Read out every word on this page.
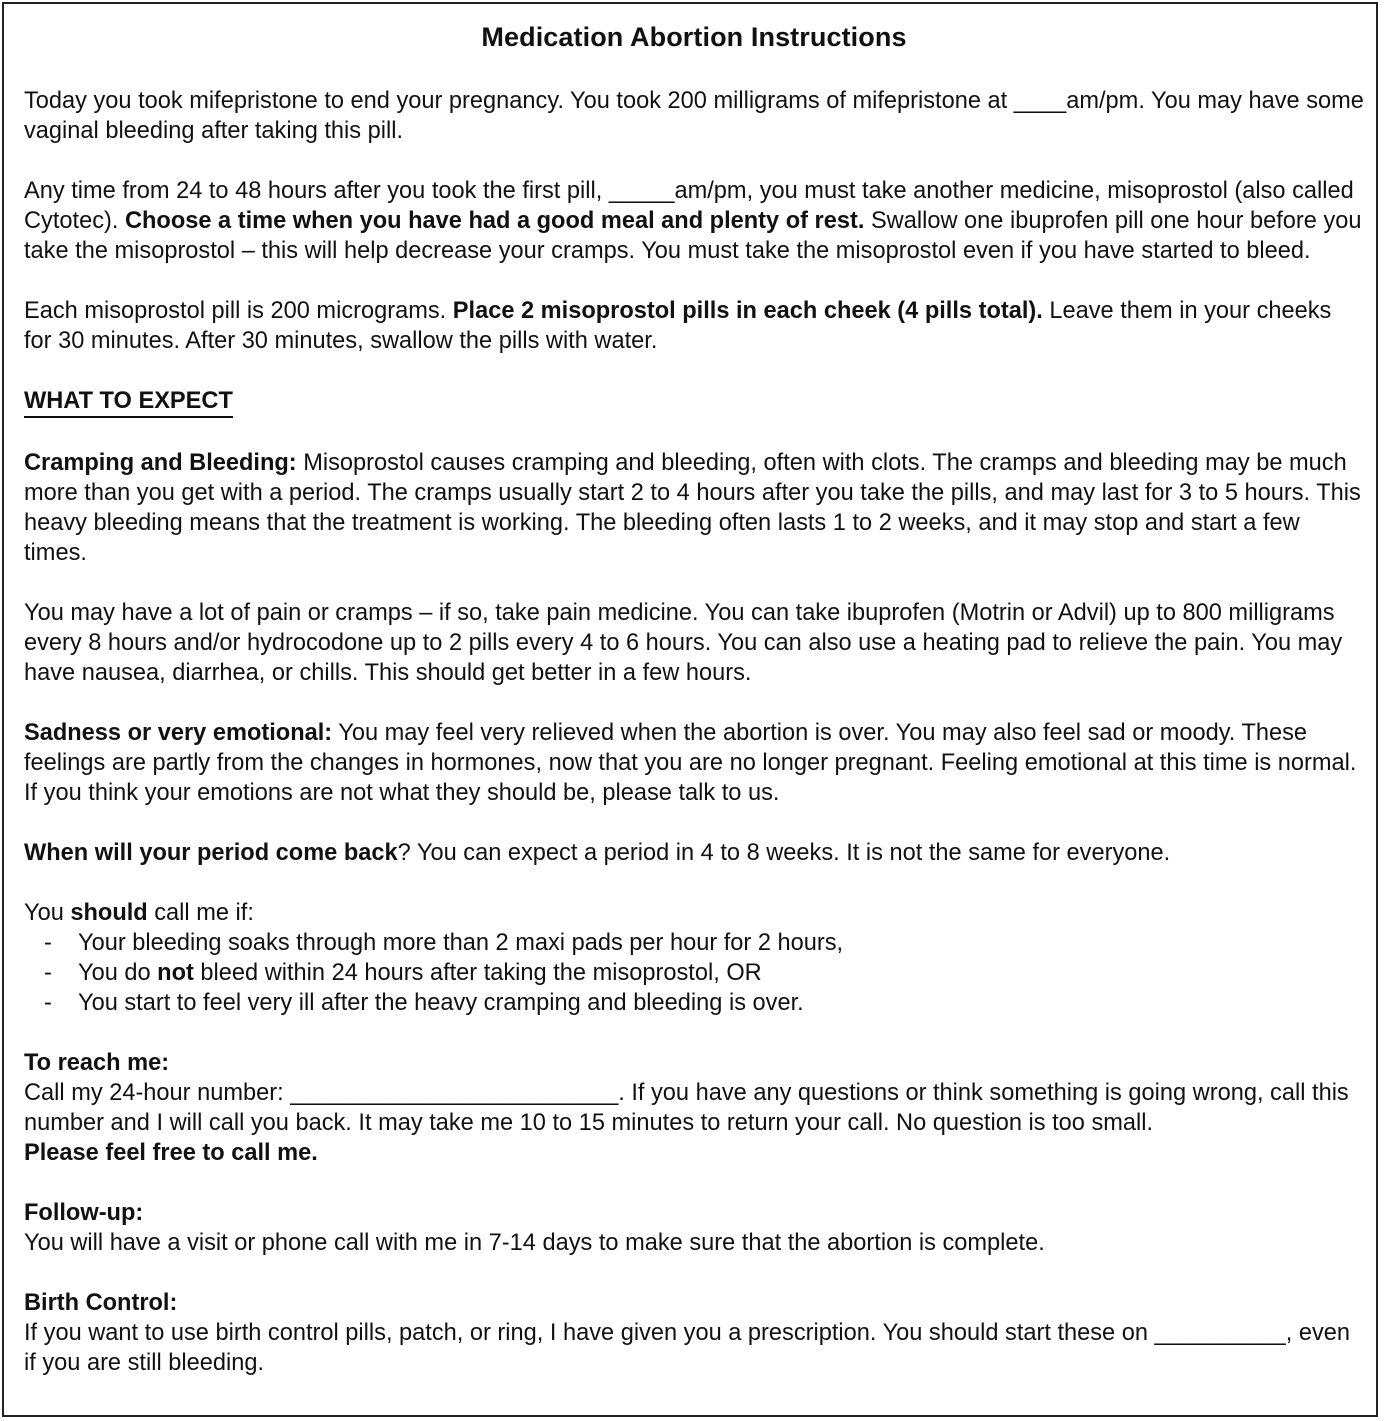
Medication Abortion Instructions

Today you took mifepristone to end your pregnancy. You took 200 milligrams of mifepristone at ____am/pm. You may have some vaginal bleeding after taking this pill.

Any time from 24 to 48 hours after you took the first pill, _____am/pm, you must take another medicine, misoprostol (also called Cytotec). Choose a time when you have had a good meal and plenty of rest. Swallow one ibuprofen pill one hour before you take the misoprostol – this will help decrease your cramps. You must take the misoprostol even if you have started to bleed.

Each misoprostol pill is 200 micrograms. Place 2 misoprostol pills in each cheek (4 pills total). Leave them in your cheeks for 30 minutes. After 30 minutes, swallow the pills with water.

WHAT TO EXPECT

Cramping and Bleeding: Misoprostol causes cramping and bleeding, often with clots. The cramps and bleeding may be much more than you get with a period. The cramps usually start 2 to 4 hours after you take the pills, and may last for 3 to 5 hours. This heavy bleeding means that the treatment is working. The bleeding often lasts 1 to 2 weeks, and it may stop and start a few times.

You may have a lot of pain or cramps – if so, take pain medicine. You can take ibuprofen (Motrin or Advil) up to 800 milligrams every 8 hours and/or hydrocodone up to 2 pills every 4 to 6 hours. You can also use a heating pad to relieve the pain. You may have nausea, diarrhea, or chills. This should get better in a few hours.

Sadness or very emotional: You may feel very relieved when the abortion is over. You may also feel sad or moody. These feelings are partly from the changes in hormones, now that you are no longer pregnant. Feeling emotional at this time is normal. If you think your emotions are not what they should be, please talk to us.

When will your period come back? You can expect a period in 4 to 8 weeks. It is not the same for everyone.

You should call me if:
- Your bleeding soaks through more than 2 maxi pads per hour for 2 hours,
- You do not bleed within 24 hours after taking the misoprostol, OR
- You start to feel very ill after the heavy cramping and bleeding is over.

To reach me:
Call my 24-hour number: _________________________. If you have any questions or think something is going wrong, call this number and I will call you back. It may take me 10 to 15 minutes to return your call. No question is too small.
Please feel free to call me.

Follow-up:
You will have a visit or phone call with me in 7-14 days to make sure that the abortion is complete.

Birth Control:
If you want to use birth control pills, patch, or ring, I have given you a prescription. You should start these on __________, even if you are still bleeding.
